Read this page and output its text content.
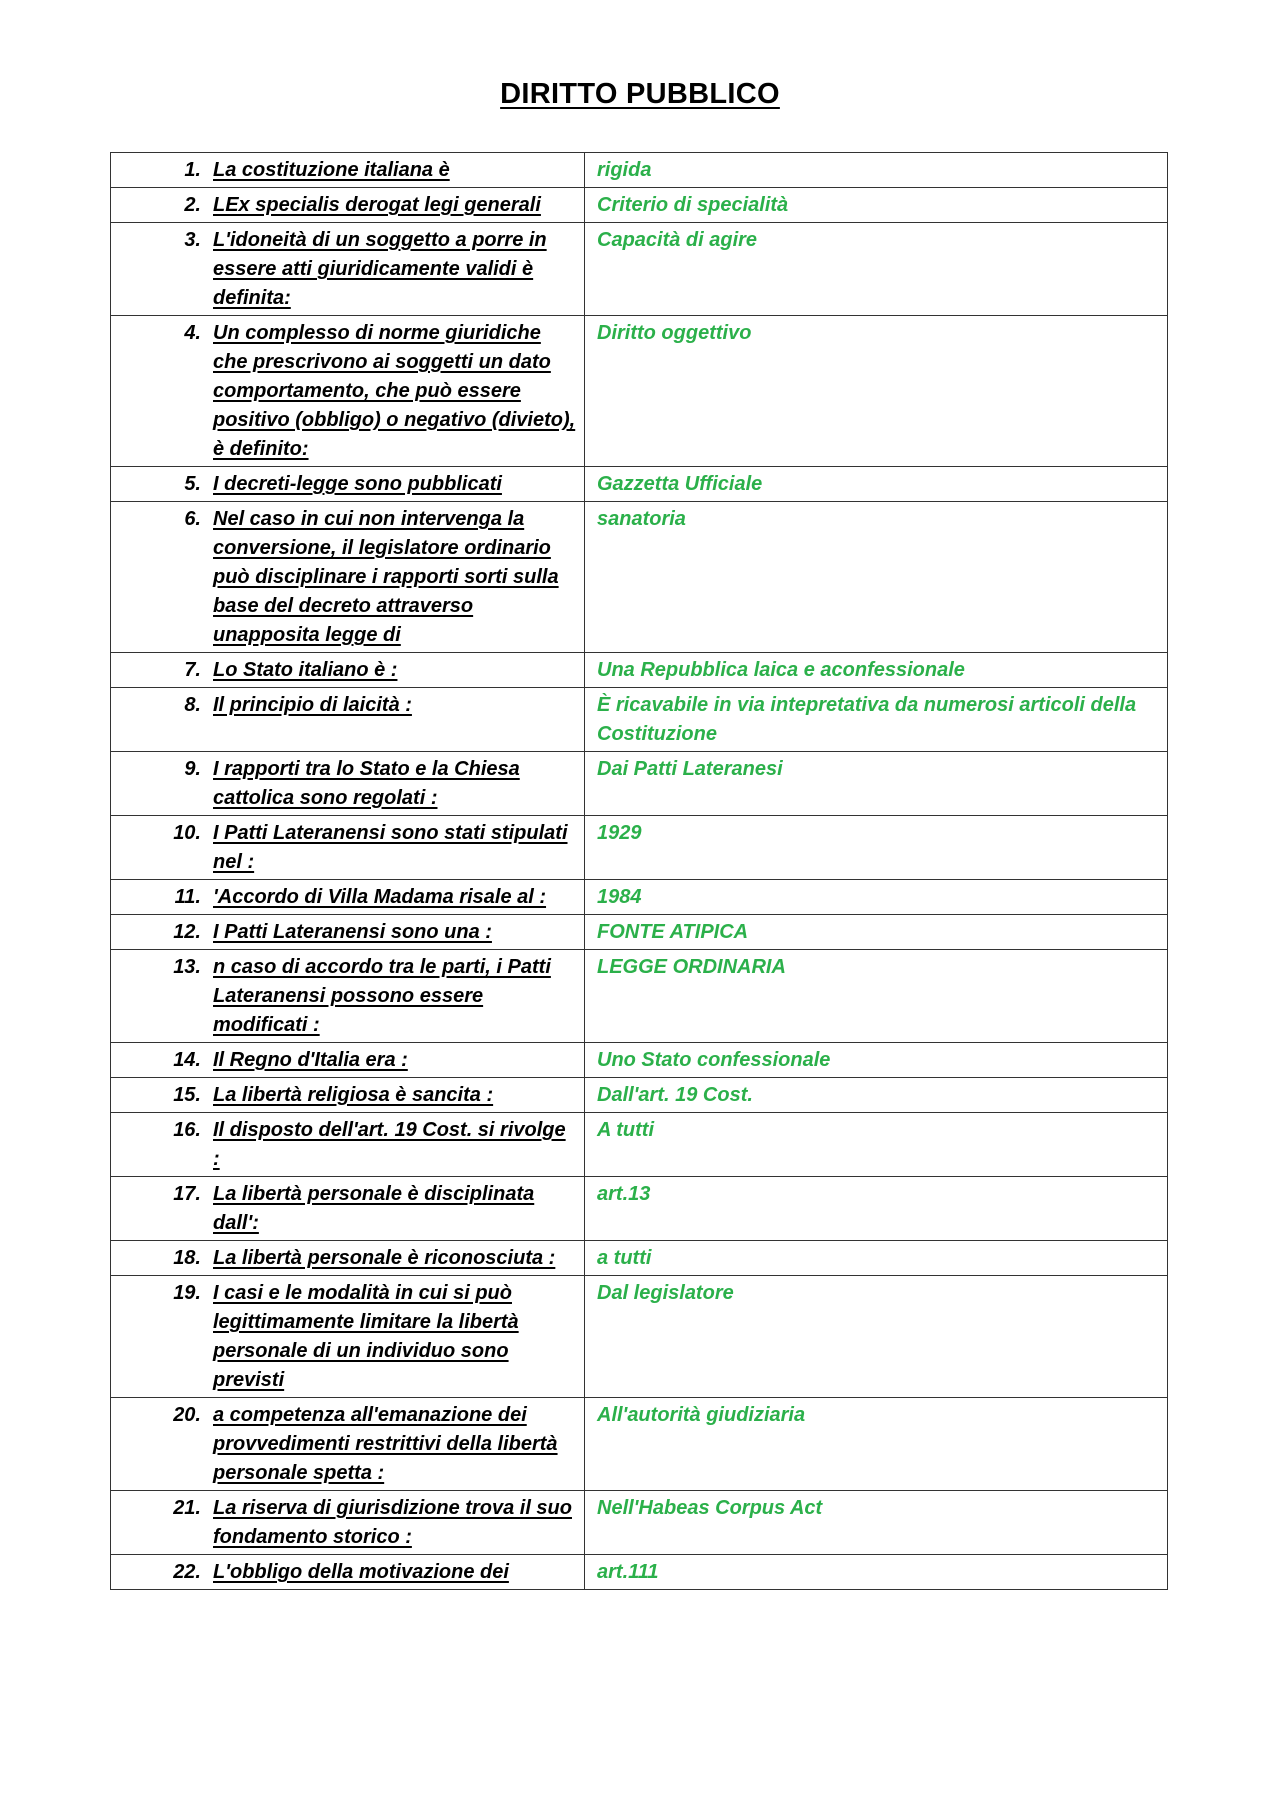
DIRITTO PUBBLICO
1. La costituzione italiana è	rigida

2. LEx specialis derogat legi generali	Criterio di specialità

3. L'idoneità di un soggetto a porre in essere atti giuridicamente validi è definita:	Capacità di agire

4. Un complesso di norme giuridiche che prescrivono ai soggetti un dato comportamento, che può essere positivo (obbligo) o negativo (divieto), è definito:	Diritto oggettivo

5. I decreti-legge sono pubblicati	Gazzetta Ufficiale

6. Nel caso in cui non intervenga la conversione, il legislatore ordinario può disciplinare i rapporti sorti sulla base del decreto attraverso unapposita legge di	sanatoria

7. Lo Stato italiano è :	Una Repubblica laica e aconfessionale

8. Il principio di laicità :	È ricavabile in via intepretativa da numerosi articoli della Costituzione

9. I rapporti tra lo Stato e la Chiesa cattolica sono regolati :	Dai Patti Lateranesi

10. I Patti Lateranensi sono stati stipulati nel :	1929

11. 'Accordo di Villa Madama risale al :	1984

12. I Patti Lateranensi sono una :	FONTE ATIPICA

13. n caso di accordo tra le parti, i Patti Lateranensi possono essere modificati :	LEGGE ORDINARIA

14. Il Regno d'Italia era :	Uno Stato confessionale

15. La libertà religiosa è sancita :	Dall'art. 19 Cost.

16. Il disposto dell'art. 19 Cost. si rivolge :	A tutti

17. La libertà personale è disciplinata dall':	art.13

18. La libertà personale è riconosciuta :	a tutti

19. I casi e le modalità in cui si può legittimamente limitare la libertà personale di un individuo sono previsti	Dal legislatore

20. a competenza all'emanazione dei provvedimenti restrittivi della libertà personale spetta :	All'autorità giudiziaria

21. La riserva di giurisdizione trova il suo fondamento storico :	Nell'Habeas Corpus Act

22. L'obbligo della motivazione dei	art.111
